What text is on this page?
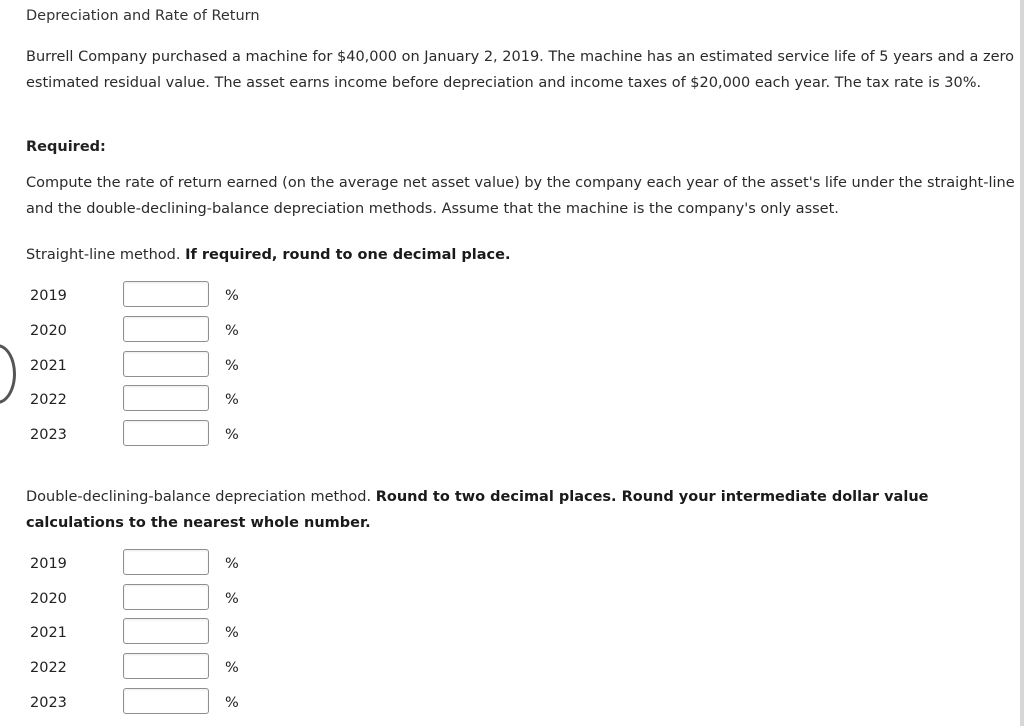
Depreciation and Rate of Return
Burrell Company purchased a machine for $40,000 on January 2, 2019. The machine has an estimated service life of 5 years and a zero estimated residual value. The asset earns income before depreciation and income taxes of $20,000 each year. The tax rate is 30%.
Required:
Compute the rate of return earned (on the average net asset value) by the company each year of the asset's life under the straight-line and the double-declining-balance depreciation methods. Assume that the machine is the company's only asset.
Straight-line method. If required, round to one decimal place.
2019	%
2020	%
2021	%
2022	%
2023	%
Double-declining-balance depreciation method. Round to two decimal places. Round your intermediate dollar value calculations to the nearest whole number.
2019	%
2020	%
2021	%
2022	%
2023	%
